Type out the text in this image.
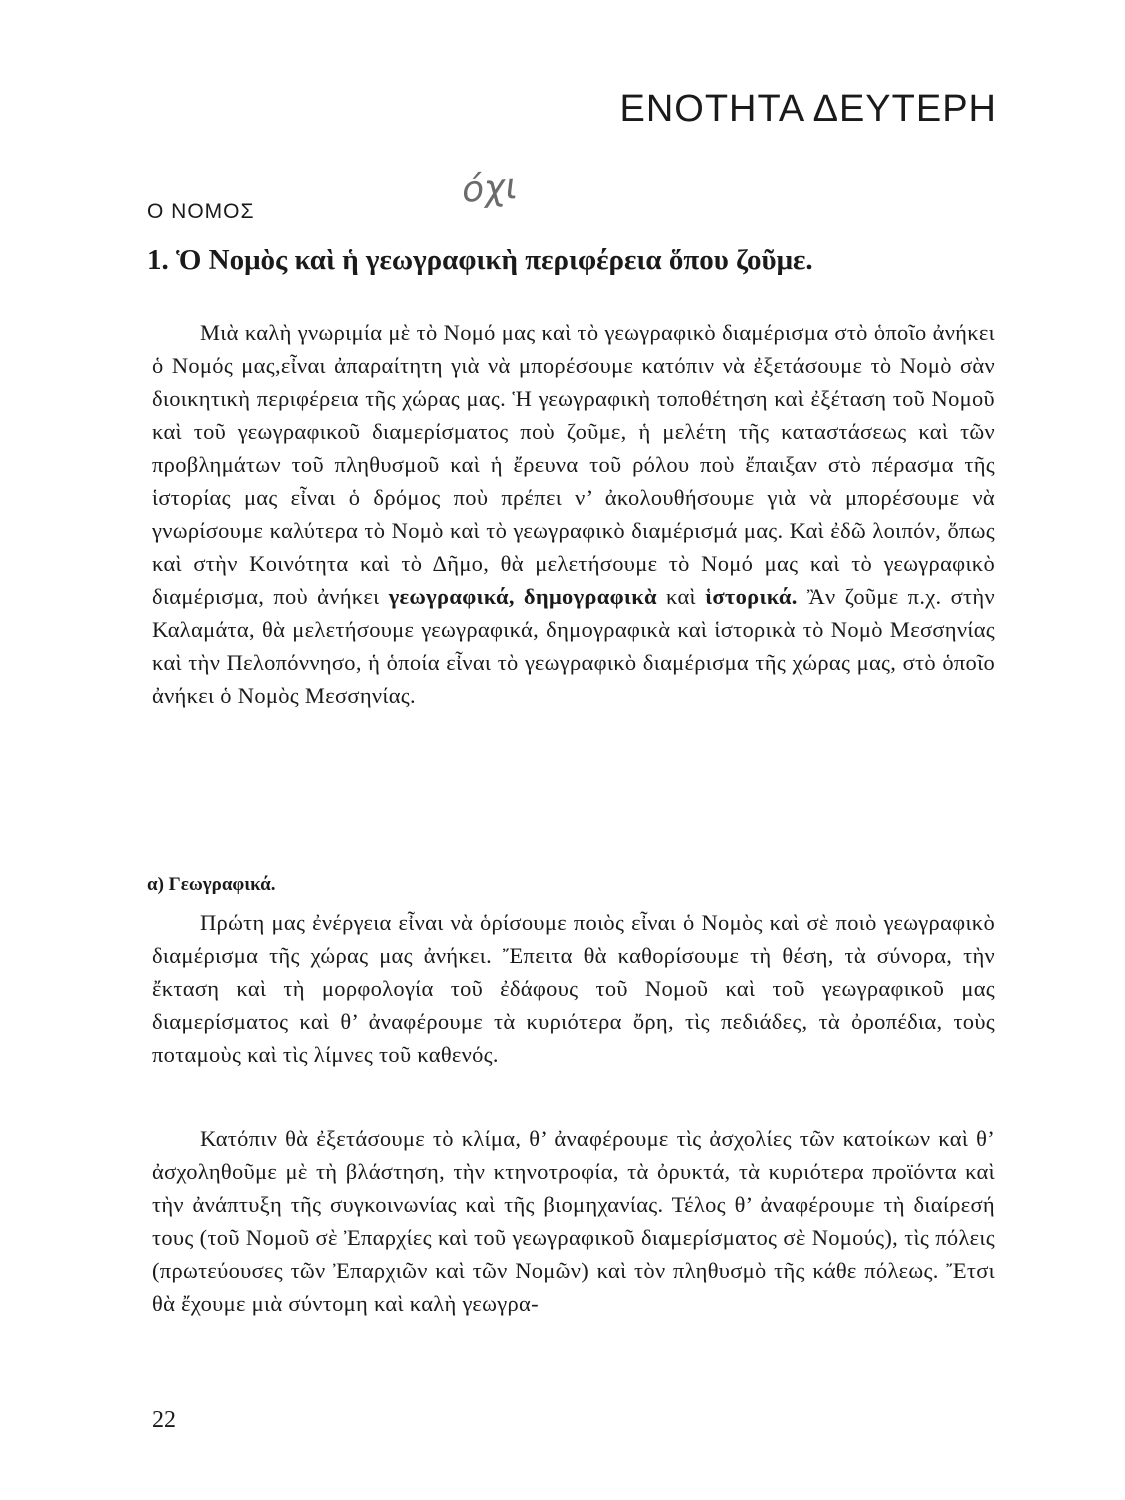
ΕΝΟΤΗΤΑ ΔΕΥΤΕΡΗ
Ο ΝΟΜΟΣ
όχι
1. Ὁ Νομὸς καὶ ἡ γεωγραφικὴ περιφέρεια ὅπου ζοῦμε.
Μιὰ καλὴ γνωριμία μὲ τὸ Νομό μας καὶ τὸ γεωγραφικὸ διαμέρισμα στὸ ὁποῖο ἀνήκει ὁ Νομός μας,εἶναι ἀπαραίτητη γιὰ νὰ μπορέσουμε κατόπιν νὰ ἐξετάσουμε τὸ Νομὸ σὰν διοικητικὴ περιφέρεια τῆς χώρας μας. Ἡ γεωγραφικὴ τοποθέτηση καὶ ἐξέταση τοῦ Νομοῦ καὶ τοῦ γεωγραφικοῦ διαμερίσματος ποὺ ζοῦμε, ἡ μελέτη τῆς καταστάσεως καὶ τῶν προβλημάτων τοῦ πληθυσμοῦ καὶ ἡ ἔρευνα τοῦ ρόλου ποὺ ἔπαιξαν στὸ πέρασμα τῆς ἱστορίας μας εἶναι ὁ δρόμος ποὺ πρέπει ν’ ἀκολουθήσουμε γιὰ νὰ μπορέσουμε νὰ γνωρίσουμε καλύτερα τὸ Νομὸ καὶ τὸ γεωγραφικὸ διαμέρισμά μας. Καὶ ἐδῶ λοιπόν, ὅπως καὶ στὴν Κοινότητα καὶ τὸ Δῆμο, θὰ μελετήσουμε τὸ Νομό μας καὶ τὸ γεωγραφικὸ διαμέρισμα, ποὺ ἀνήκει γεωγραφικά, δημογραφικὰ καὶ ἱστορικά. Ἂν ζοῦμε π.χ. στὴν Καλαμάτα, θὰ μελετήσουμε γεωγραφικά, δημογραφικὰ καὶ ἱστορικὰ τὸ Νομὸ Μεσσηνίας καὶ τὴν Πελοπόννησο, ἡ ὁποία εἶναι τὸ γεωγραφικὸ διαμέρισμα τῆς χώρας μας, στὸ ὁποῖο ἀνήκει ὁ Νομὸς Μεσσηνίας.
α) Γεωγραφικά.
Πρώτη μας ἐνέργεια εἶναι νὰ ὁρίσουμε ποιὸς εἶναι ὁ Νομὸς καὶ σὲ ποιὸ γεωγραφικὸ διαμέρισμα τῆς χώρας μας ἀνήκει. Ἔπειτα θὰ καθορίσουμε τὴ θέση, τὰ σύνορα, τὴν ἔκταση καὶ τὴ μορφολογία τοῦ ἐδάφους τοῦ Νομοῦ καὶ τοῦ γεωγραφικοῦ μας διαμερίσματος καὶ θ’ ἀναφέρουμε τὰ κυριότερα ὄρη, τὶς πεδιάδες, τὰ ὀροπέδια, τοὺς ποταμοὺς καὶ τὶς λίμνες τοῦ καθενός.
Κατόπιν θὰ ἐξετάσουμε τὸ κλίμα, θ’ ἀναφέρουμε τὶς ἀσχολίες τῶν κατοίκων καὶ θ’ ἀσχοληθοῦμε μὲ τὴ βλάστηση, τὴν κτηνοτροφία, τὰ ὀρυκτά, τὰ κυριότερα προϊόντα καὶ τὴν ἀνάπτυξη τῆς συγκοινωνίας καὶ τῆς βιομηχανίας. Τέλος θ’ ἀναφέρουμε τὴ διαίρεσή τους (τοῦ Νομοῦ σὲ Ἐπαρχίες καὶ τοῦ γεωγραφικοῦ διαμερίσματος σὲ Νομούς), τὶς πόλεις (πρωτεύουσες τῶν Ἐπαρχιῶν καὶ τῶν Νομῶν) καὶ τὸν πληθυσμὸ τῆς κάθε πόλεως. Ἔτσι θὰ ἔχουμε μιὰ σύντομη καὶ καλὴ γεωγρα-
22
